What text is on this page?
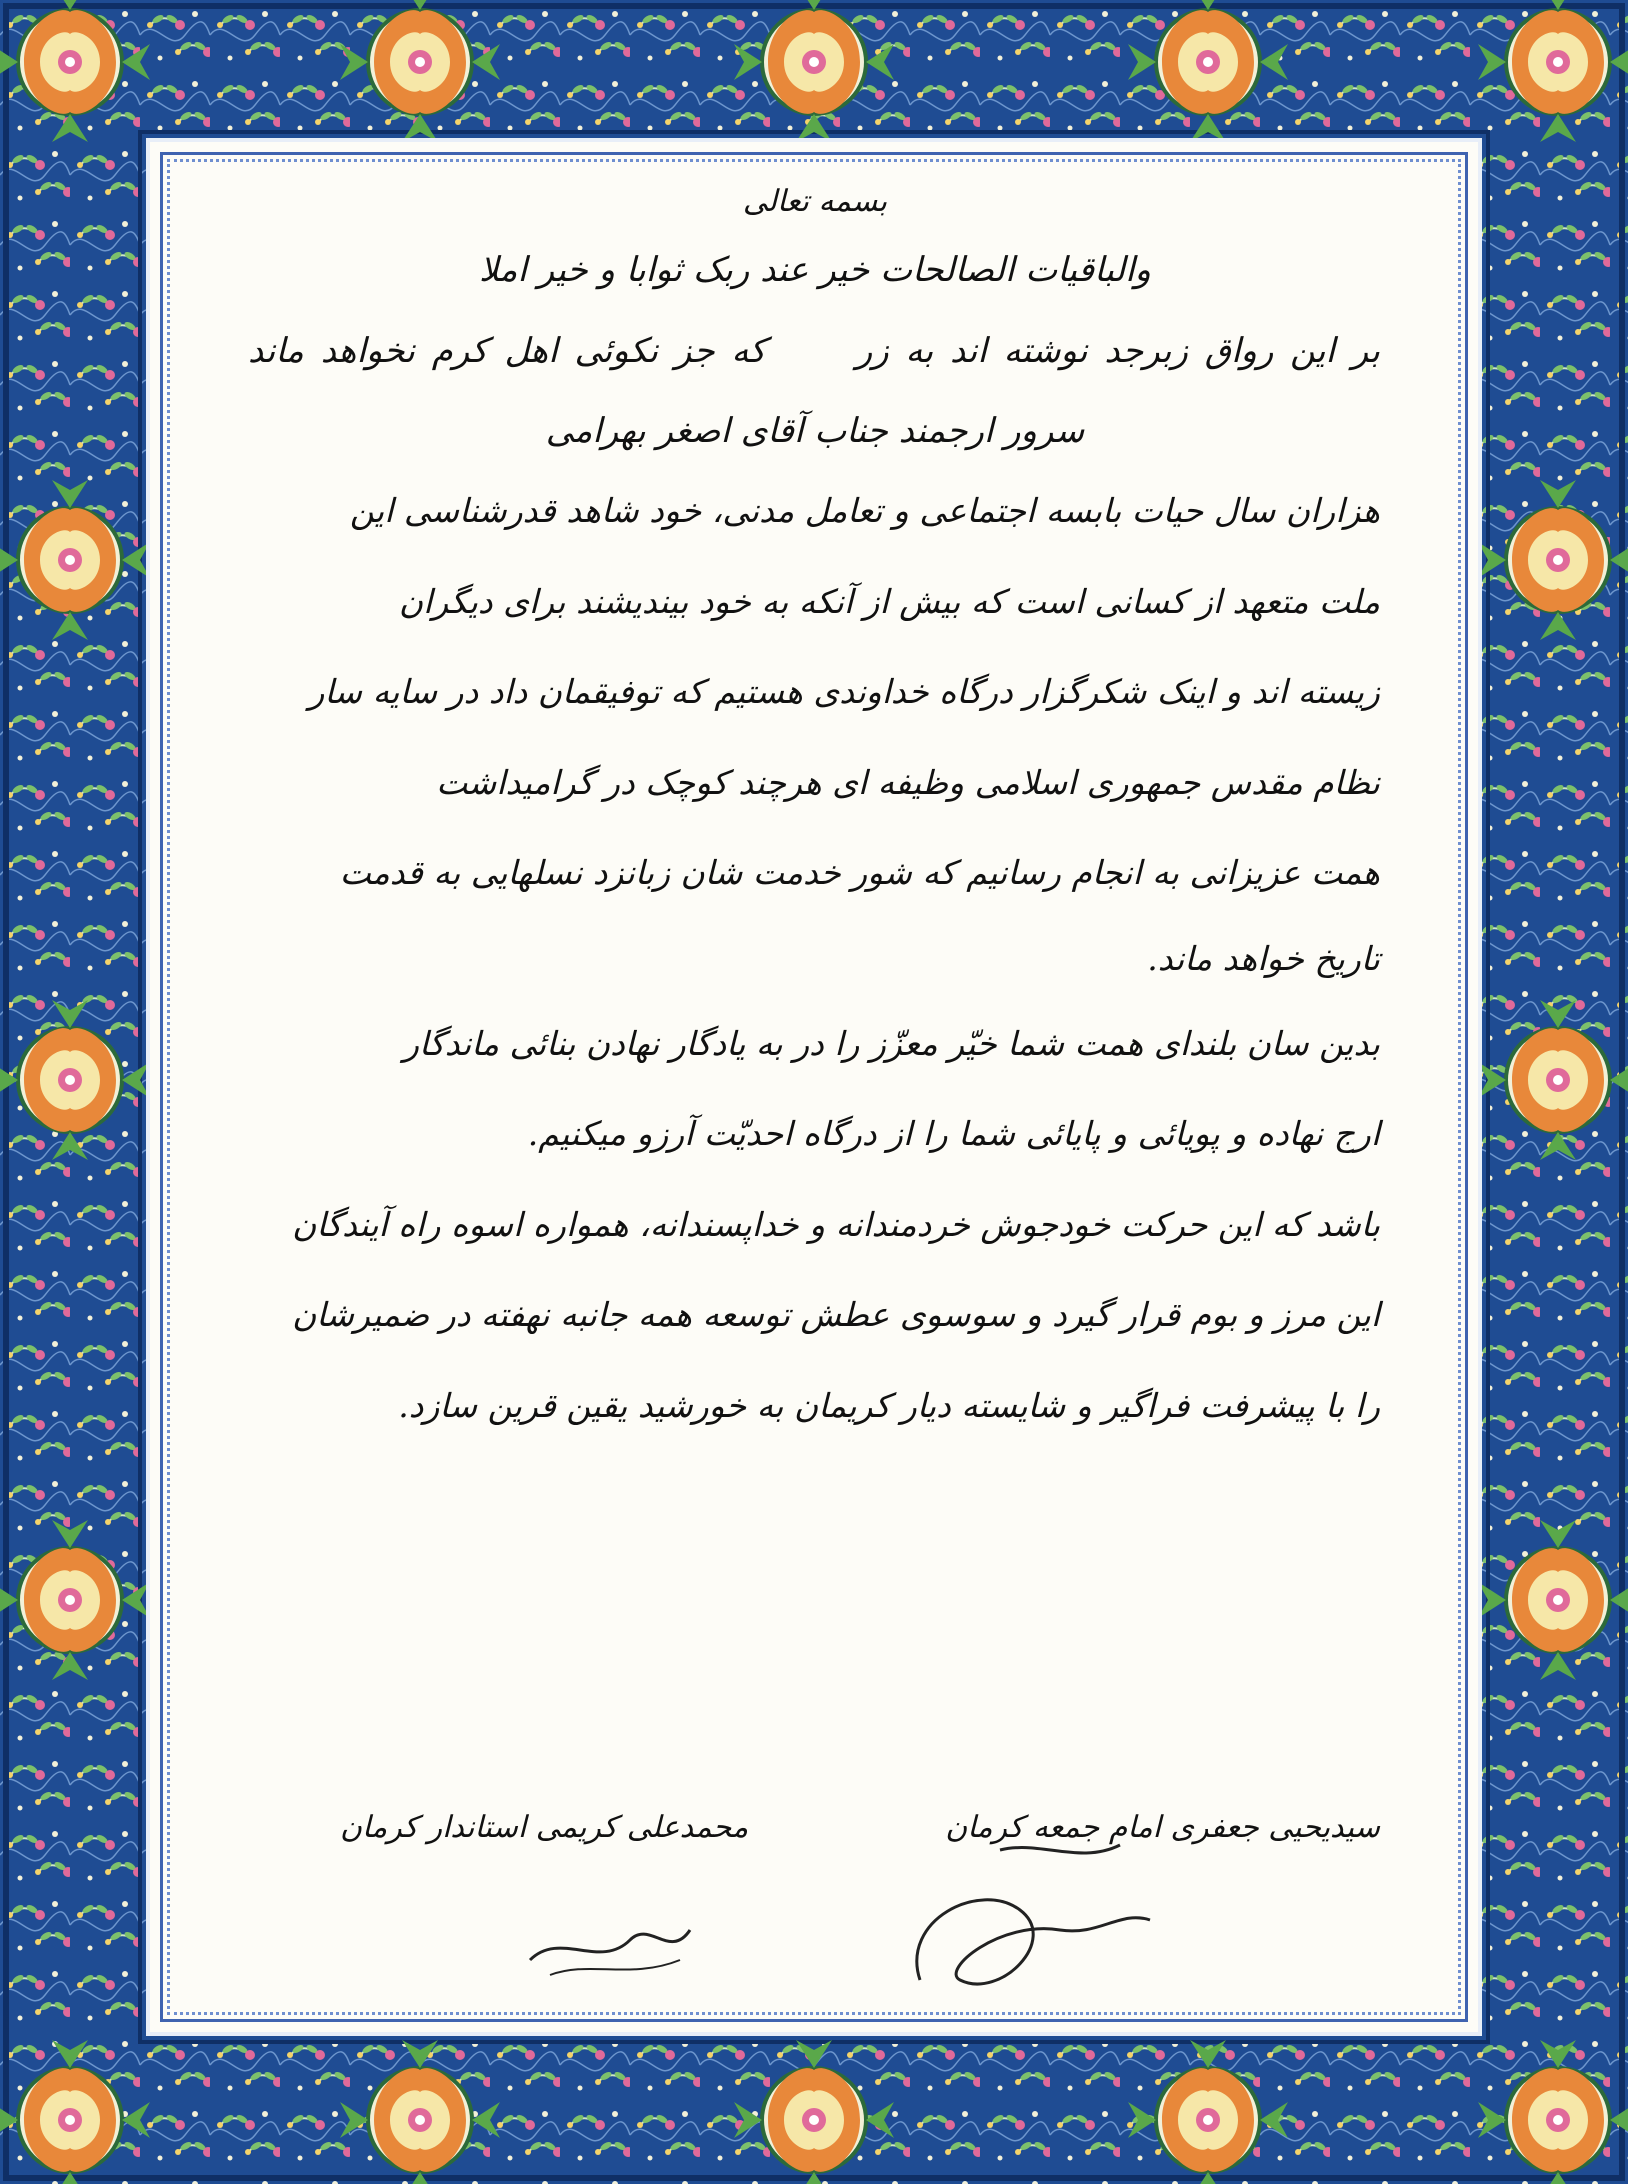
بسمه تعالی
والباقیات الصالحات خیر عند ربک ثوابا و خیر املا
بر این رواق زبرجد نوشته اند به زرکه جز نکوئی اهل کرم نخواهد ماند
سرور ارجمند جناب آقای اصغر بهرامی
هزاران سال حیات بابسه اجتماعی و تعامل مدنی، خود شاهد قدرشناسی این
ملت متعهد از کسانی است که بیش از آنکه به خود بیندیشند برای دیگران
زیسته اند و اینک شکرگزار درگاه خداوندی هستیم که توفیقمان داد در سایه سار
نظام مقدس جمهوری اسلامی وظیفه ای هرچند کوچک در گرامیداشت
همت عزیزانی به انجام رسانیم که شور خدمت شان زبانزد نسلهایی به قدمت
تاریخ خواهد ماند.
بدین سان بلندای همت شما خیّر معزّز را در به یادگار نهادن بنائی ماندگار
ارج نهاده و پویائی و پایائی شما را از درگاه احدیّت آرزو میکنیم.
باشد که این حرکت خودجوش خردمندانه و خداپسندانه، همواره اسوه راه آیندگان
این مرز و بوم قرار گیرد و سوسوی عطش توسعه همه جانبه نهفته در ضمیرشان
را با پیشرفت فراگیر و شایسته دیار کریمان به خورشید یقین قرین سازد.
سیدیحیی جعفری امام جمعه کرمان
محمدعلی کریمی استاندار کرمان
